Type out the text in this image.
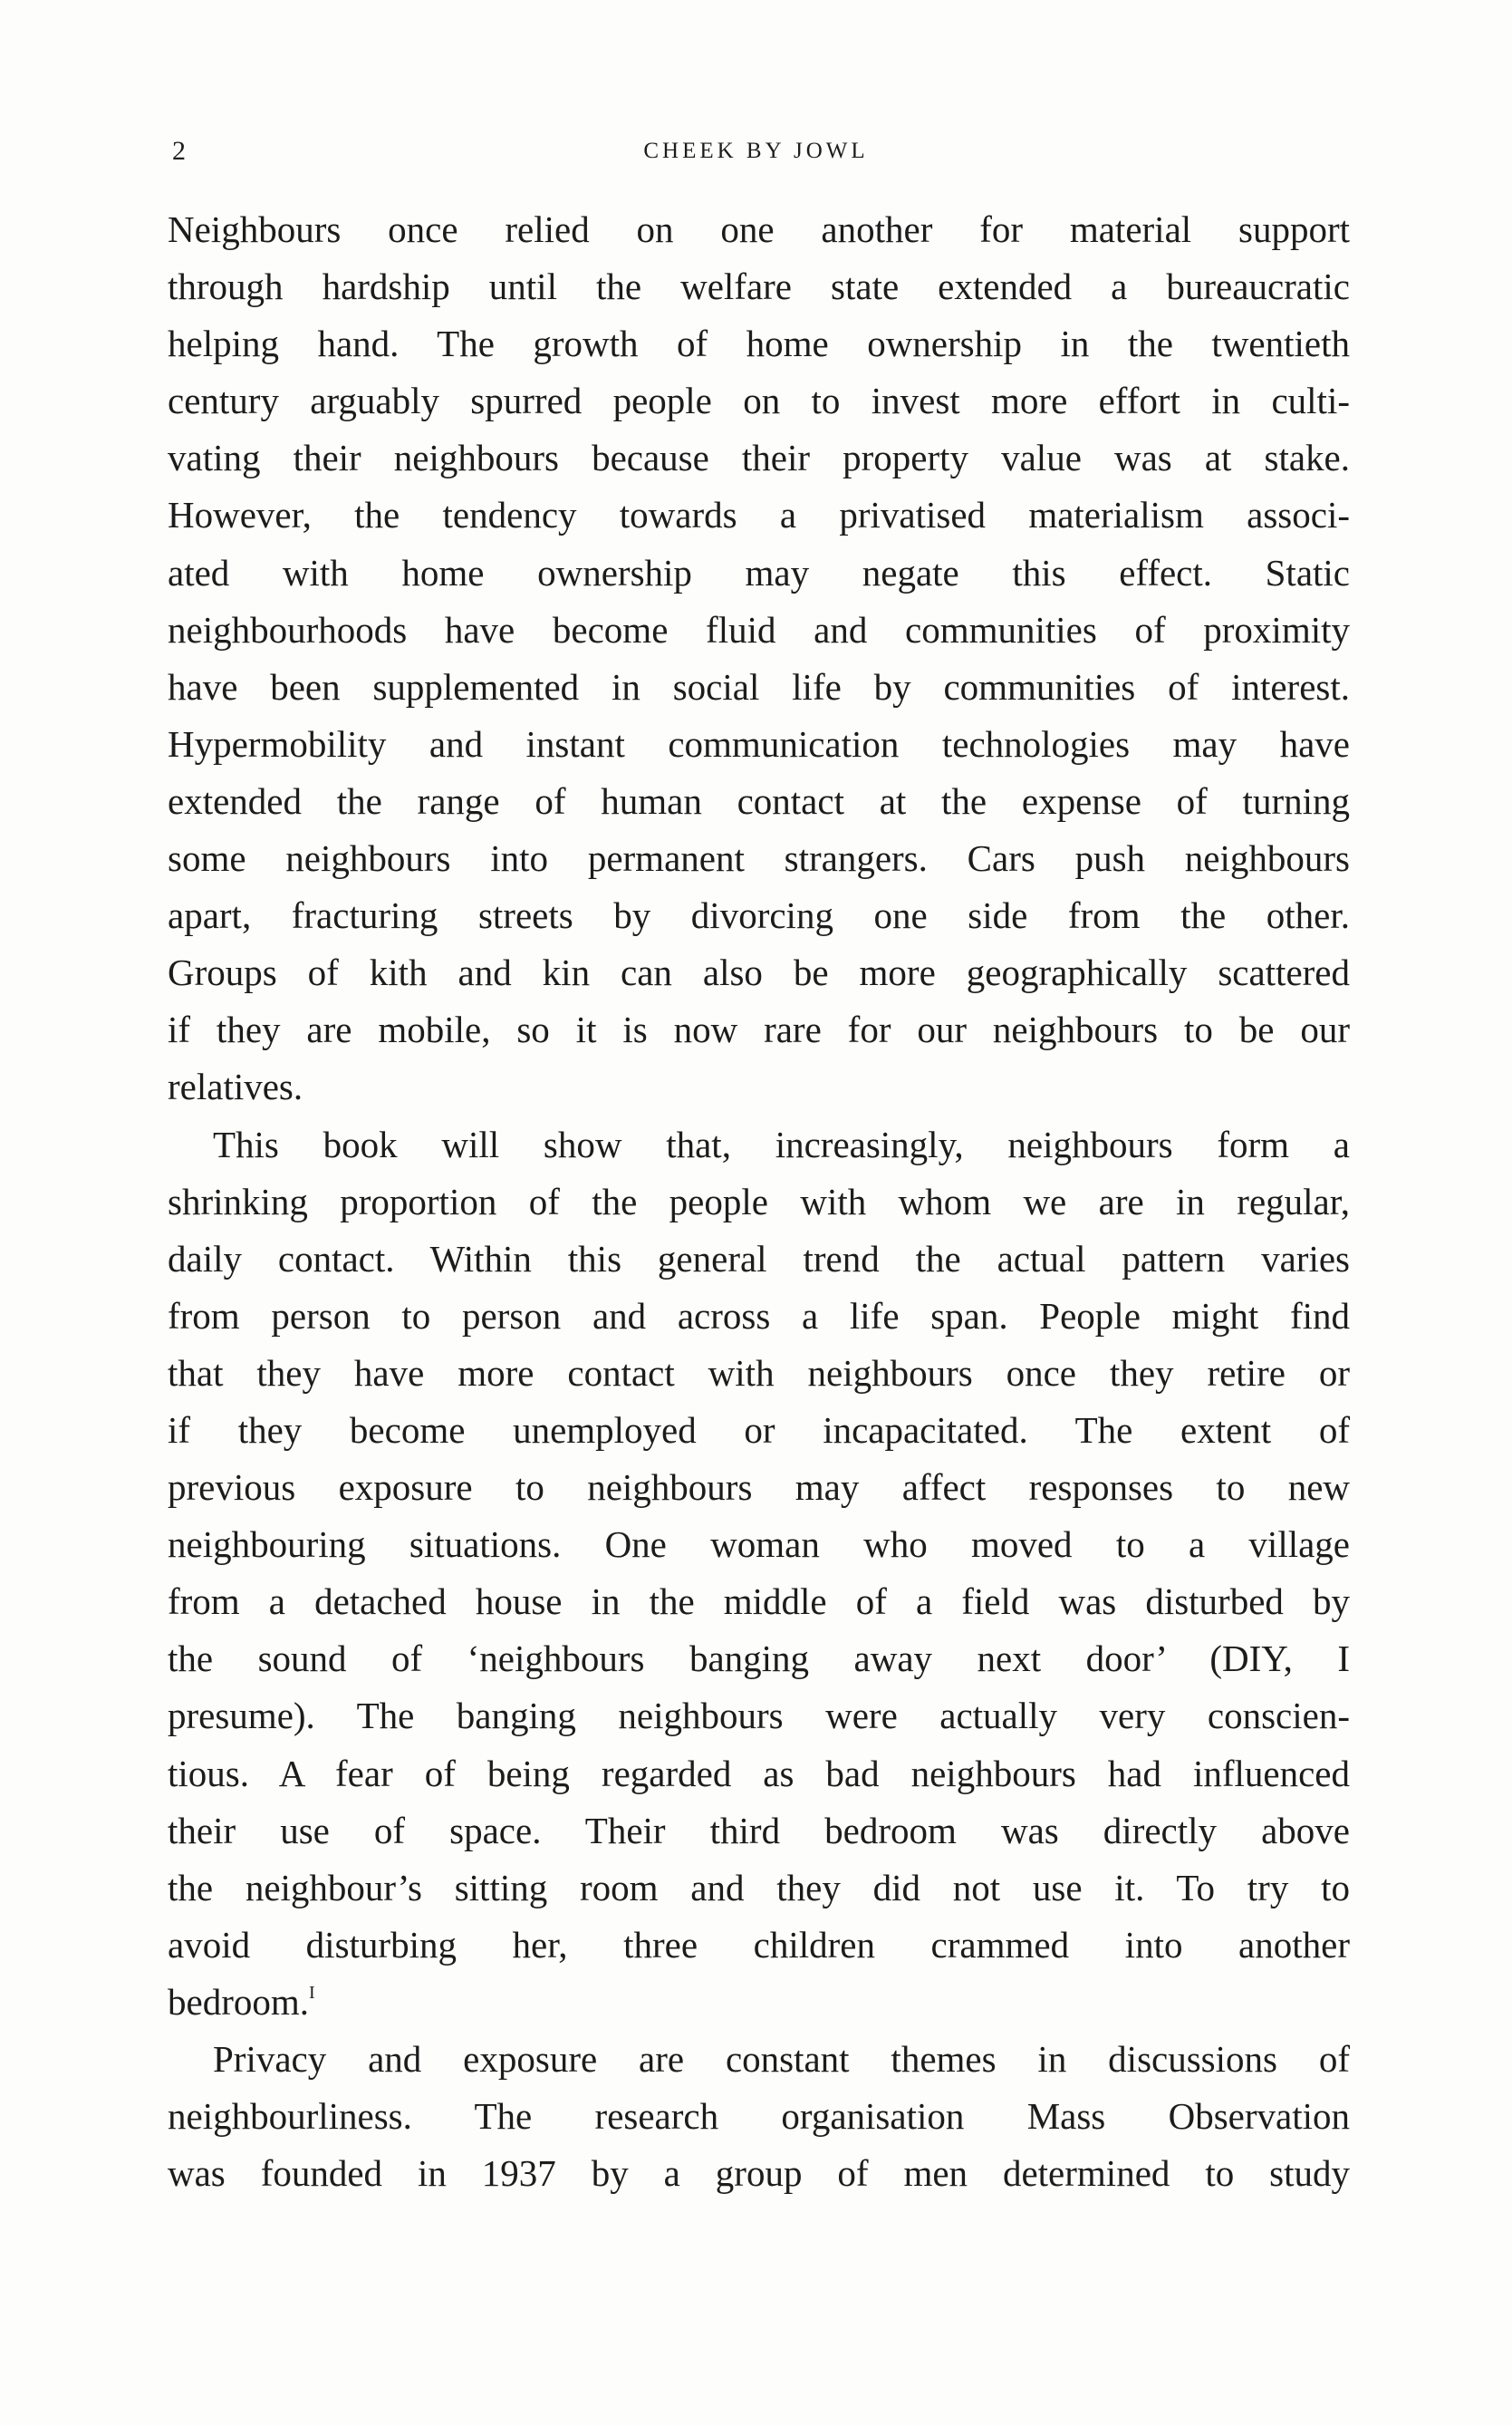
2	CHEEK BY JOWL
Neighbours once relied on one another for material support
through hardship until the welfare state extended a bureaucratic
helping hand. The growth of home ownership in the twentieth
century arguably spurred people on to invest more effort in culti-
vating their neighbours because their property value was at stake.
However, the tendency towards a privatised materialism associ-
ated with home ownership may negate this effect. Static
neighbourhoods have become fluid and communities of proximity
have been supplemented in social life by communities of interest.
Hypermobility and instant communication technologies may have
extended the range of human contact at the expense of turning
some neighbours into permanent strangers. Cars push neighbours
apart, fracturing streets by divorcing one side from the other.
Groups of kith and kin can also be more geographically scattered
if they are mobile, so it is now rare for our neighbours to be our
relatives.
This book will show that, increasingly, neighbours form a
shrinking proportion of the people with whom we are in regular,
daily contact. Within this general trend the actual pattern varies
from person to person and across a life span. People might find
that they have more contact with neighbours once they retire or
if they become unemployed or incapacitated. The extent of
previous exposure to neighbours may affect responses to new
neighbouring situations. One woman who moved to a village
from a detached house in the middle of a field was disturbed by
the sound of ‘neighbours banging away next door’ (DIY, I
presume). The banging neighbours were actually very conscien-
tious. A fear of being regarded as bad neighbours had influenced
their use of space. Their third bedroom was directly above
the neighbour’s sitting room and they did not use it. To try to
avoid disturbing her, three children crammed into another
bedroom.$^I$
Privacy and exposure are constant themes in discussions of
neighbourliness. The research organisation Mass Observation
was founded in 1937 by a group of men determined to study
